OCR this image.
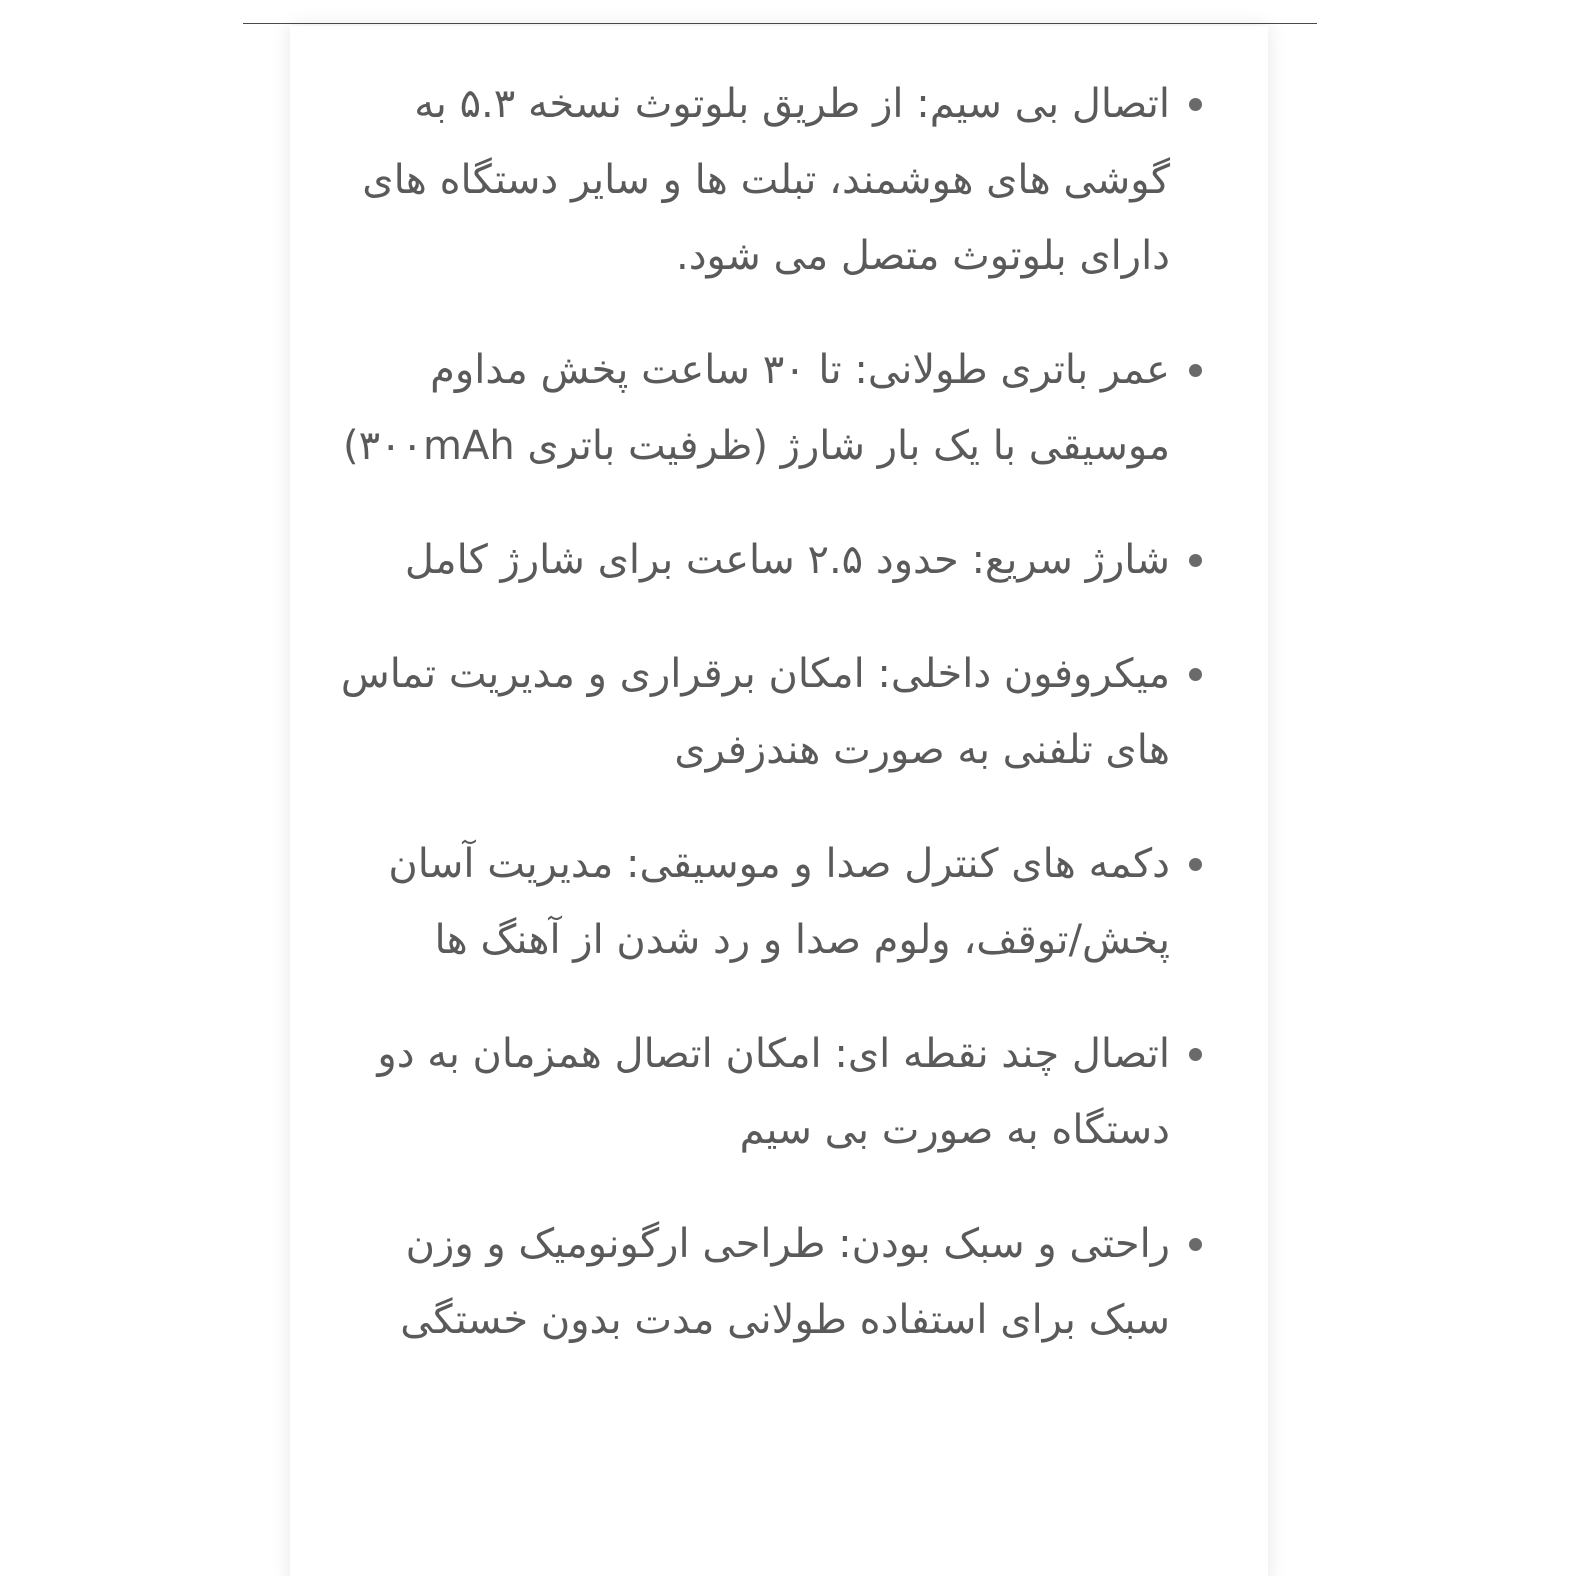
اتصال بی سیم: از طریق بلوتوث نسخه ۵.۳ به گوشی های هوشمند، تبلت ها و سایر دستگاه های دارای بلوتوث متصل می شود.
عمر باتری طولانی: تا ۳۰ ساعت پخش مداوم موسیقی با یک بار شارژ (ظرفیت باتری ۳۰۰mAh)
شارژ سریع: حدود ۲.۵ ساعت برای شارژ کامل
میکروفون داخلی: امکان برقراری و مدیریت تماس های تلفنی به صورت هندزفری
دکمه های کنترل صدا و موسیقی: مدیریت آسان پخش/توقف، ولوم صدا و رد شدن از آهنگ ها
اتصال چند نقطه ای: امکان اتصال همزمان به دو دستگاه به صورت بی سیم
راحتی و سبک بودن: طراحی ارگونومیک و وزن سبک برای استفاده طولانی مدت بدون خستگی
